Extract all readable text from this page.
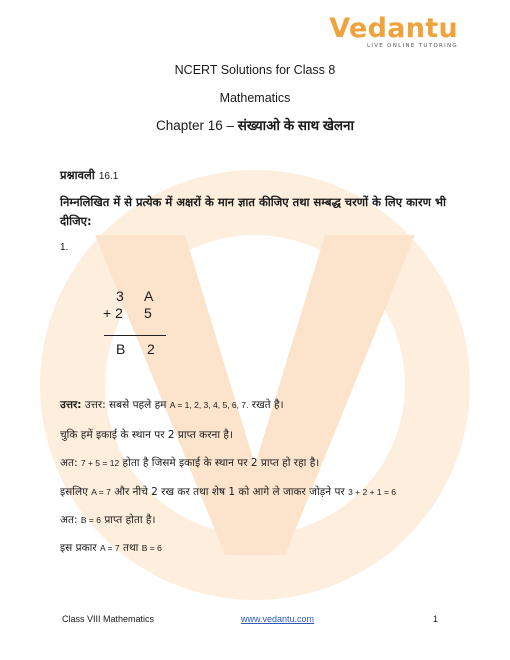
Vedantu
LIVE ONLINE TUTORING
NCERT Solutions for Class 8
Mathematics
Chapter 16 – संख्याओ के साथ खेलना
प्रश्नावली 16.1
निम्नलिखित में से प्रत्येक में अक्षरों के मान ज्ञात कीजिए तथा सम्बद्ध चरणों के लिए कारण भी दीजिए:
1.
3 A
+ 2 5
B 2
उत्तर: उत्तर: सबसे पहले हम A = 1, 2, 3, 4, 5, 6, 7. रखते है।
चुकि हमें इकाई के स्थान पर 2 प्राप्त करना है।
अत: 7 + 5 = 12 होता है जिसमे इकाई के स्थान पर 2 प्राप्त हो रहा है।
इसलिए A = 7 और नीचे 2 रख कर तथा शेष 1 को आगे ले जाकर जोड़ने पर 3 + 2 + 1 = 6
अत: B = 6 प्राप्त होता है।
इस प्रकार A = 7 तथा B = 6
Class VIII Mathematics	www.vedantu.com	1
